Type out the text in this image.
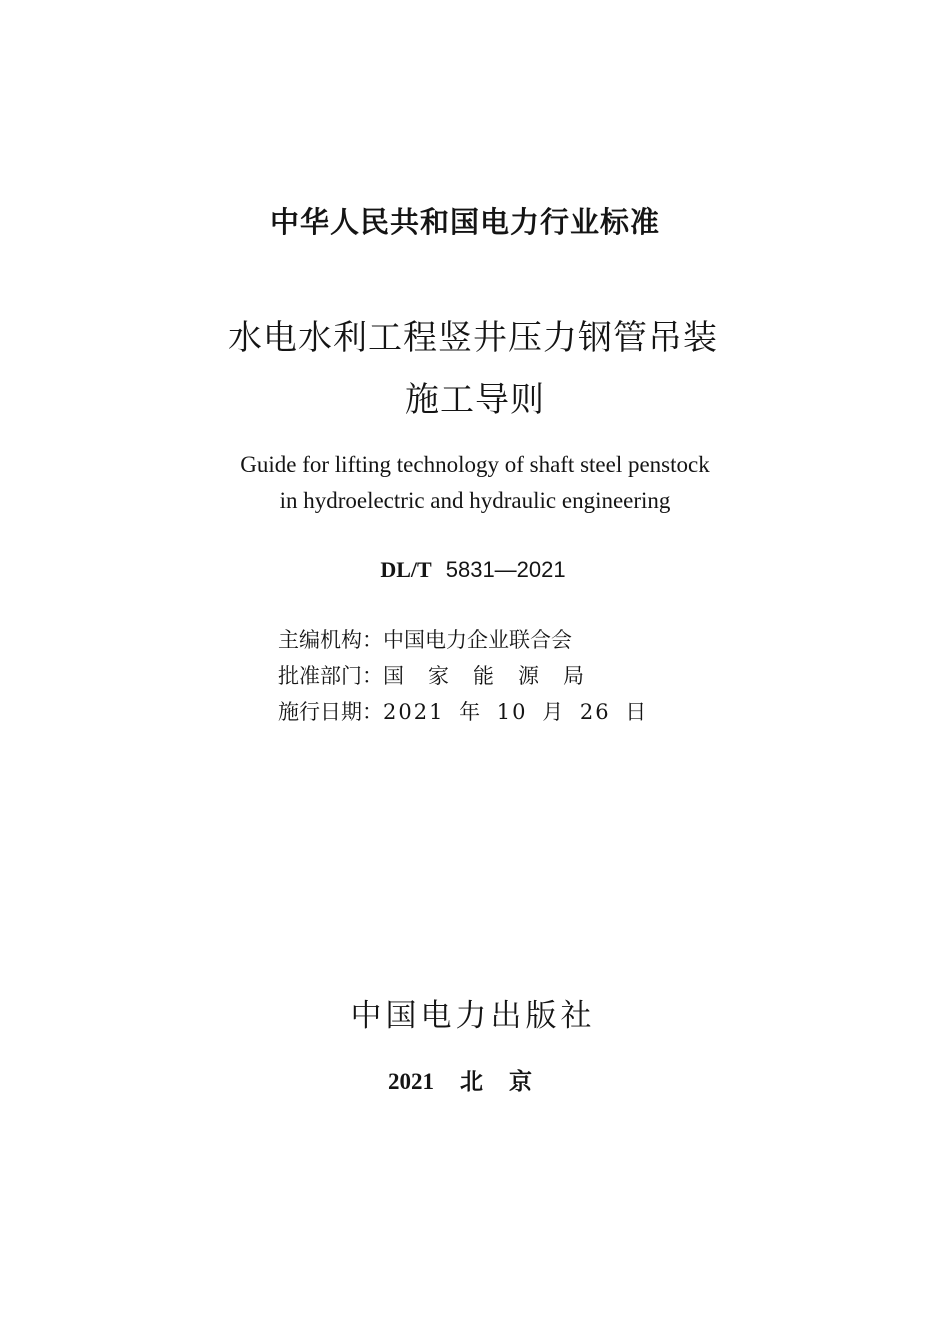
中华人民共和国电力行业标准
水电水利工程竖井压力钢管吊装
施工导则
Guide for lifting technology of shaft steel penstock
in hydroelectric and hydraulic engineering
DL/T 5831—2021
主编机构：中国电力企业联合会
批准部门：国家能源局
施行日期：2021 年 10 月 26 日
中国电力出版社
2021 北京
